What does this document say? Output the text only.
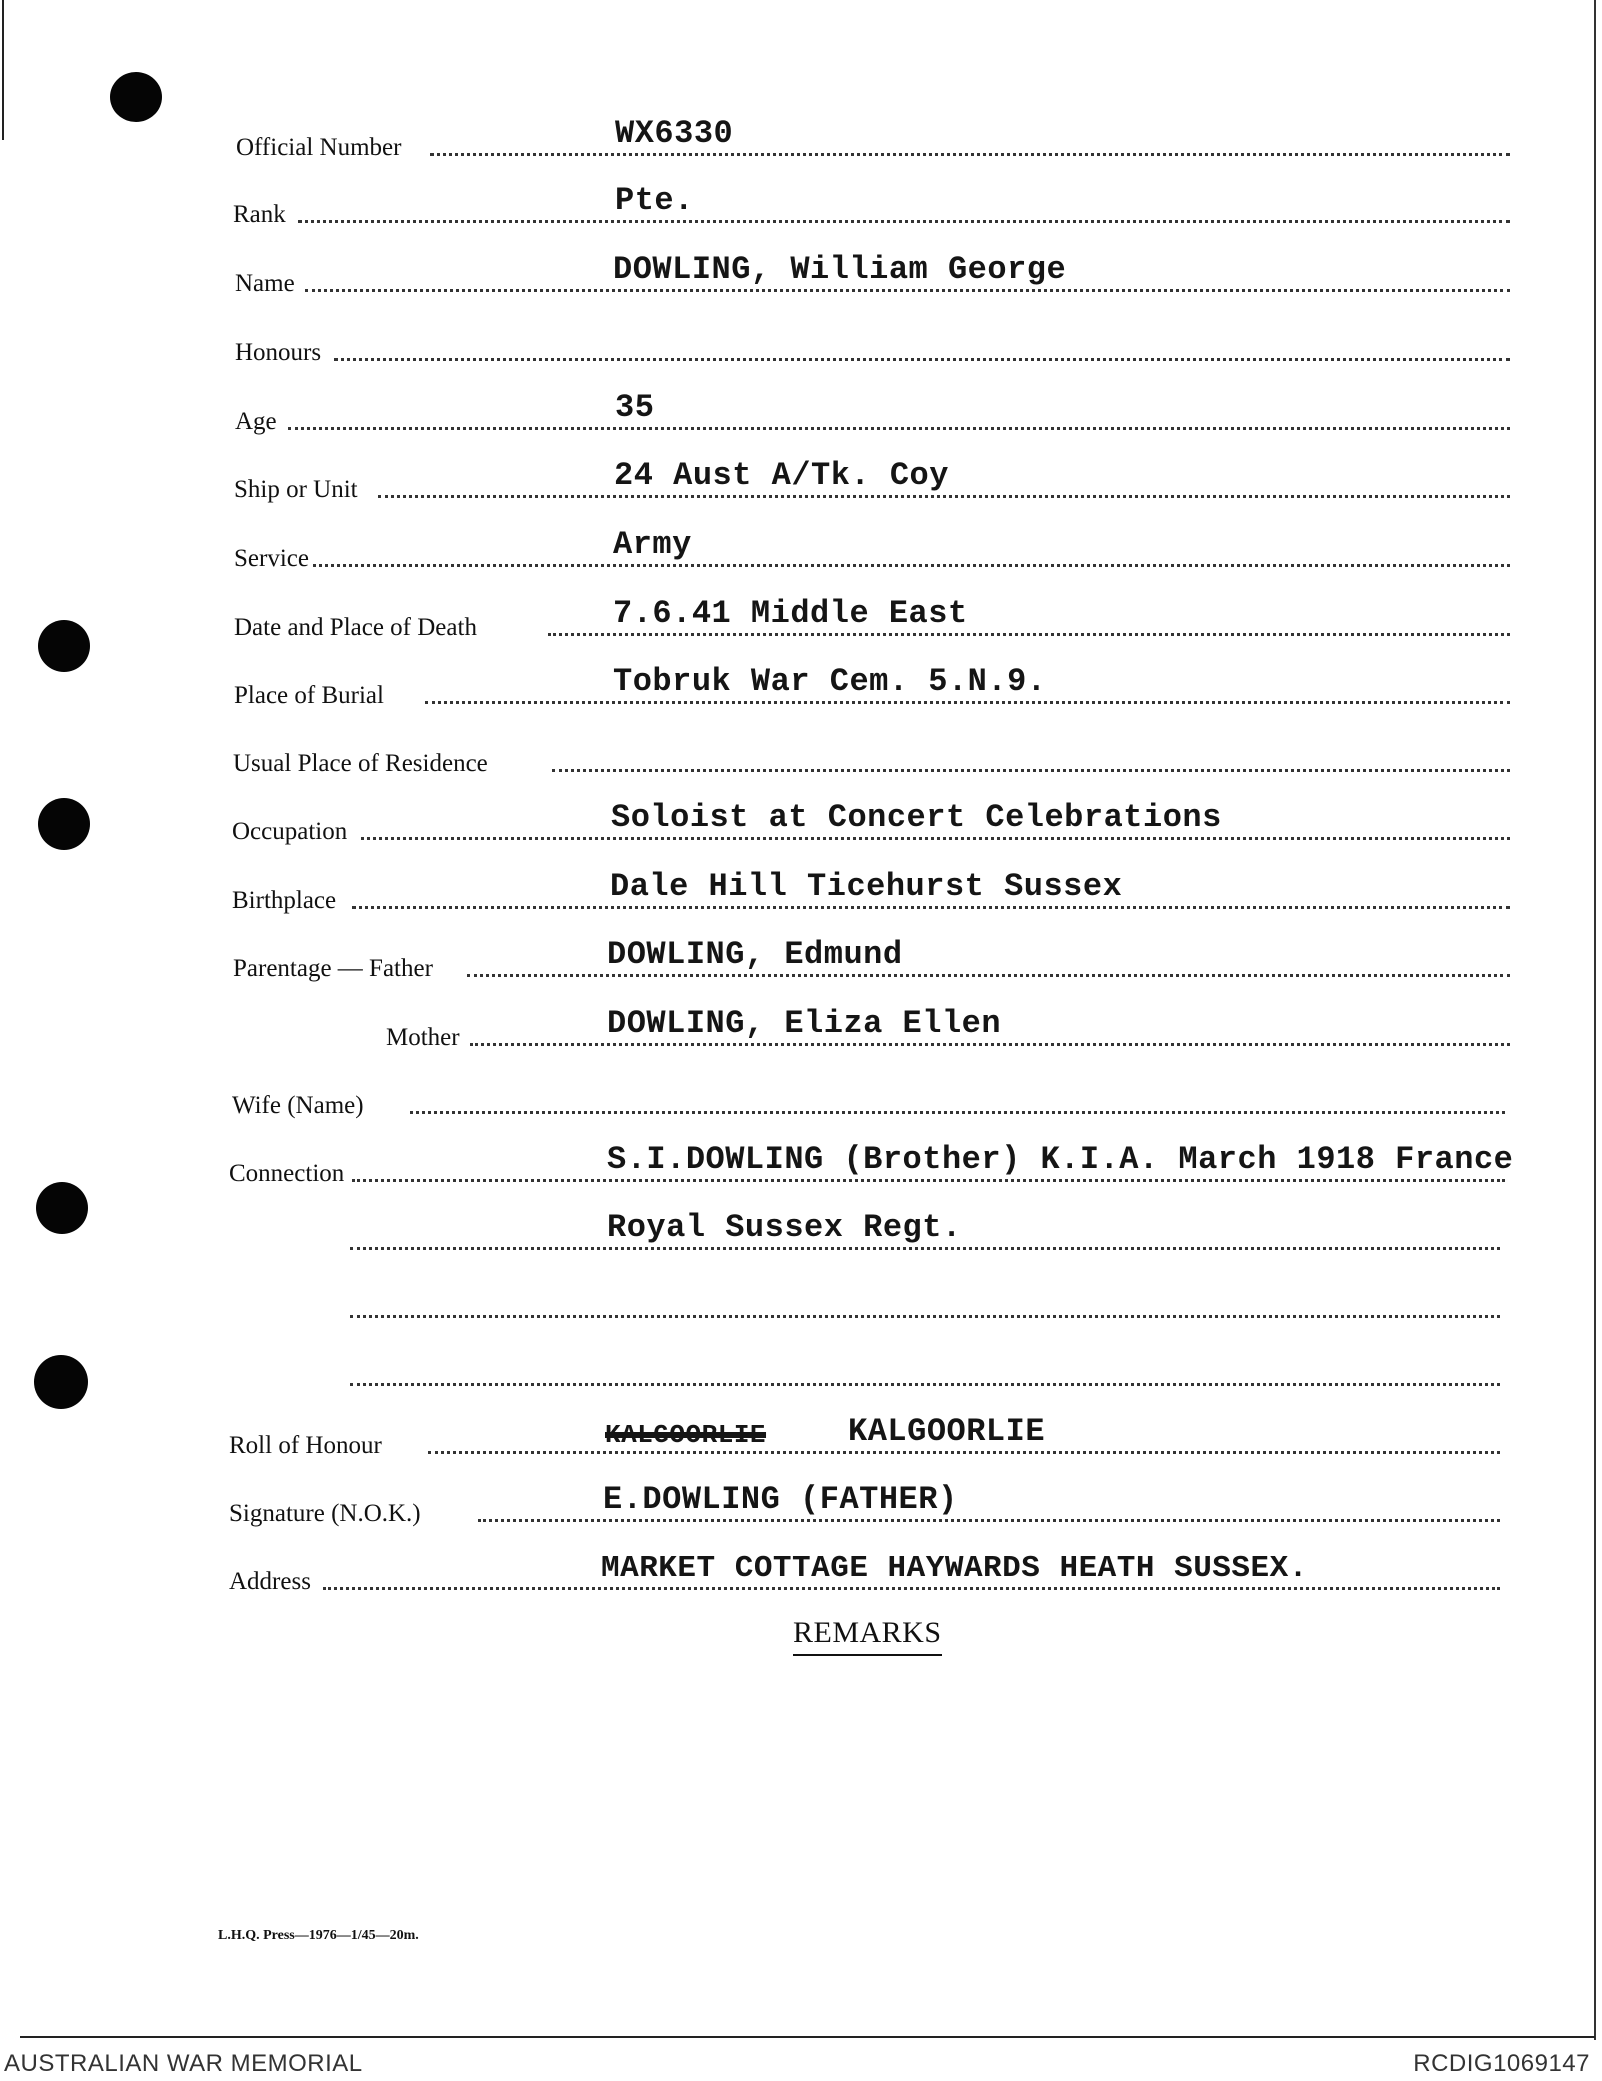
Official Number	WX6330
Rank	Pte.
Name	DOWLING, William George
Honours
Age	35
Ship or Unit	24 Aust A/Tk. Coy
Service	Army
Date and Place of Death	7.6.41 Middle East
Place of Burial	Tobruk War Cem. 5.N.9.
Usual Place of Residence
Occupation	Soloist at Concert Celebrations
Birthplace	Dale Hill Ticehurst Sussex
Parentage — Father	DOWLING, Edmund
Mother	DOWLING, Eliza Ellen
Wife (Name)
Connection	S.I.DOWLING (Brother) K.I.A. March 1918 France
Royal Sussex Regt.
Roll of Honour	KALGOORLIE	KALGOORLIE
Signature (N.O.K.)	E.DOWLING (FATHER)
Address	MARKET COTTAGE HAYWARDS HEATH SUSSEX.
REMARKS
L.H.Q. Press—1976—1/45—20m.
AUSTRALIAN WAR MEMORIAL	RCDIG1069147
